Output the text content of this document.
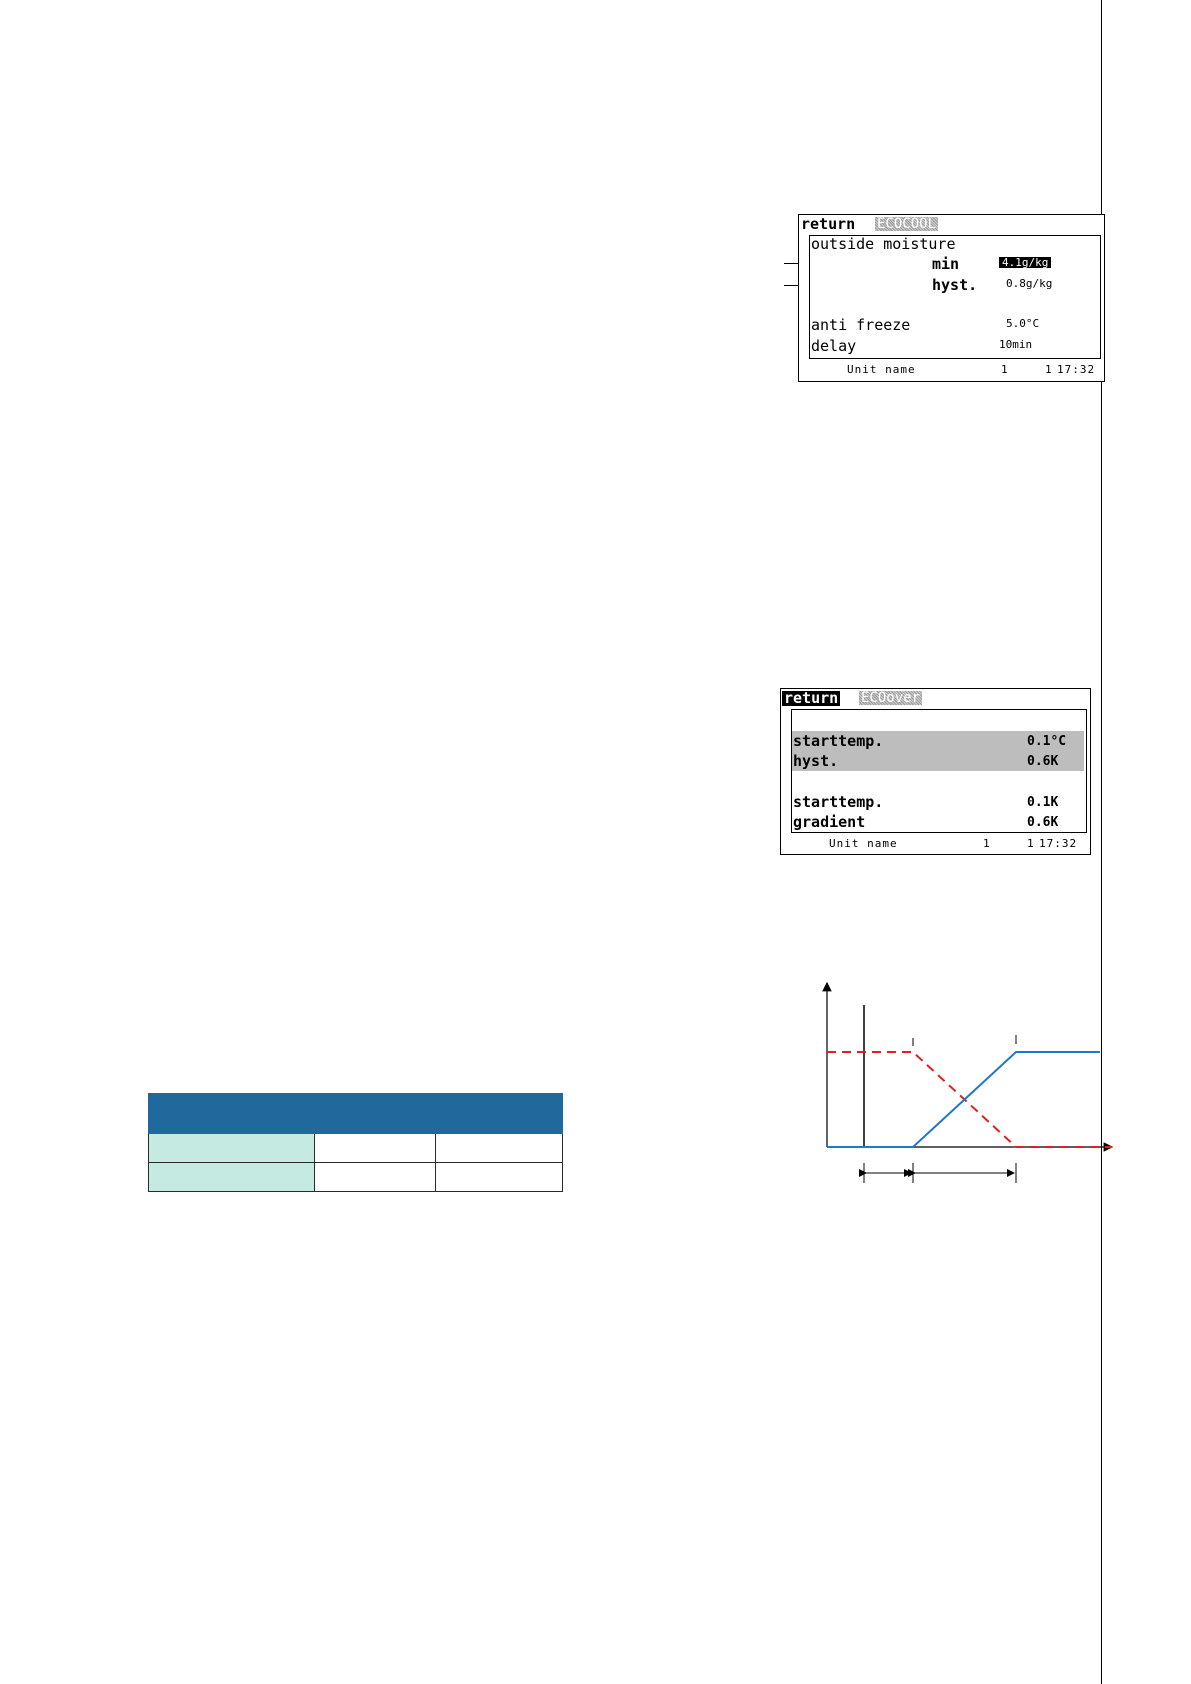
return ECOCOOL
outside moisture
min	4.1g/kg
hyst.	0.8g/kg
anti freeze	5.0°C
delay	10min
Unit name	1	1 17:32
return ECOover
starttemp.	0.1°C
hyst.	0.6K
starttemp.	0.1K
gradient	0.6K
Unit name	1	1 17:32
